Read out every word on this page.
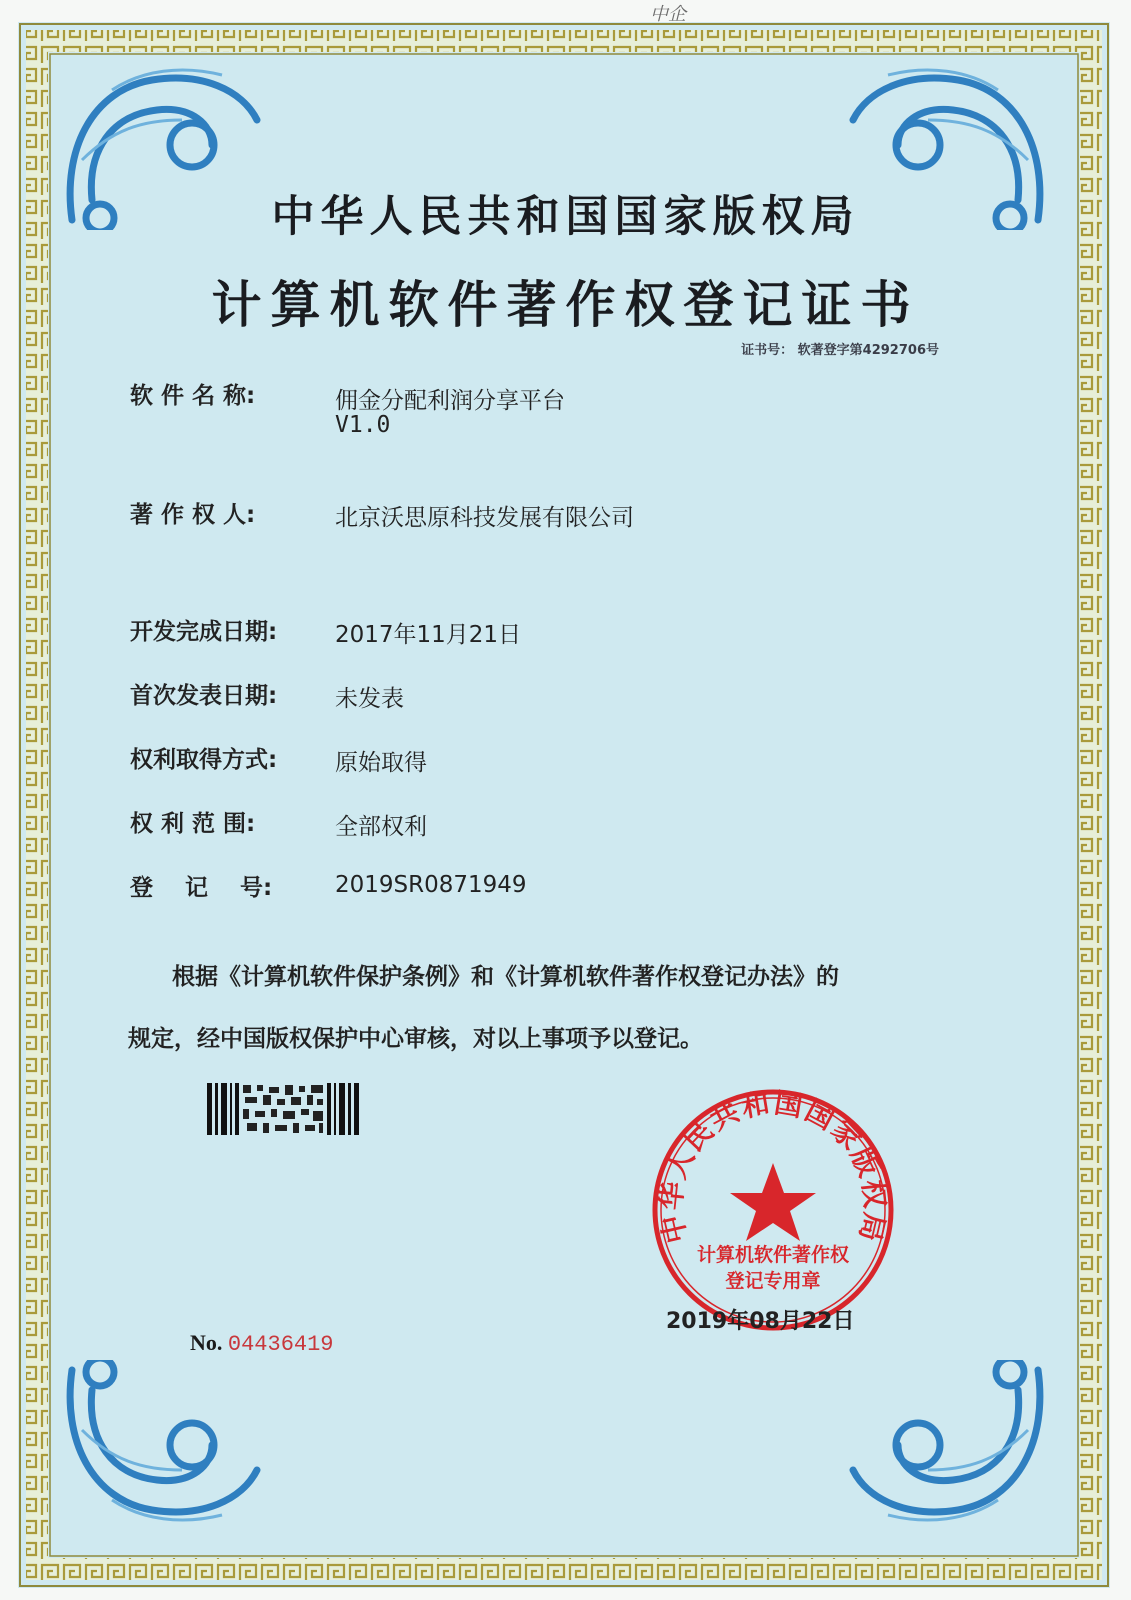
中企
中华人民共和国国家版权局
计算机软件著作权登记证书
证书号： 软著登字第4292706号
软 件 名 称:	佣金分配利润分享平台
V1.0
著 作 权 人:	北京沃思原科技发展有限公司
开发完成日期:	2017年11月21日
首次发表日期:	未发表
权利取得方式:	原始取得
权 利 范 围:	全部权利
登    记    号:	2019SR0871949
根据《计算机软件保护条例》和《计算机软件著作权登记办法》的
规定，经中国版权保护中心审核，对以上事项予以登记。
No. 04436419
中华人民共和国国家版权局
计算机软件著作权
登记专用章
2019年08月22日
